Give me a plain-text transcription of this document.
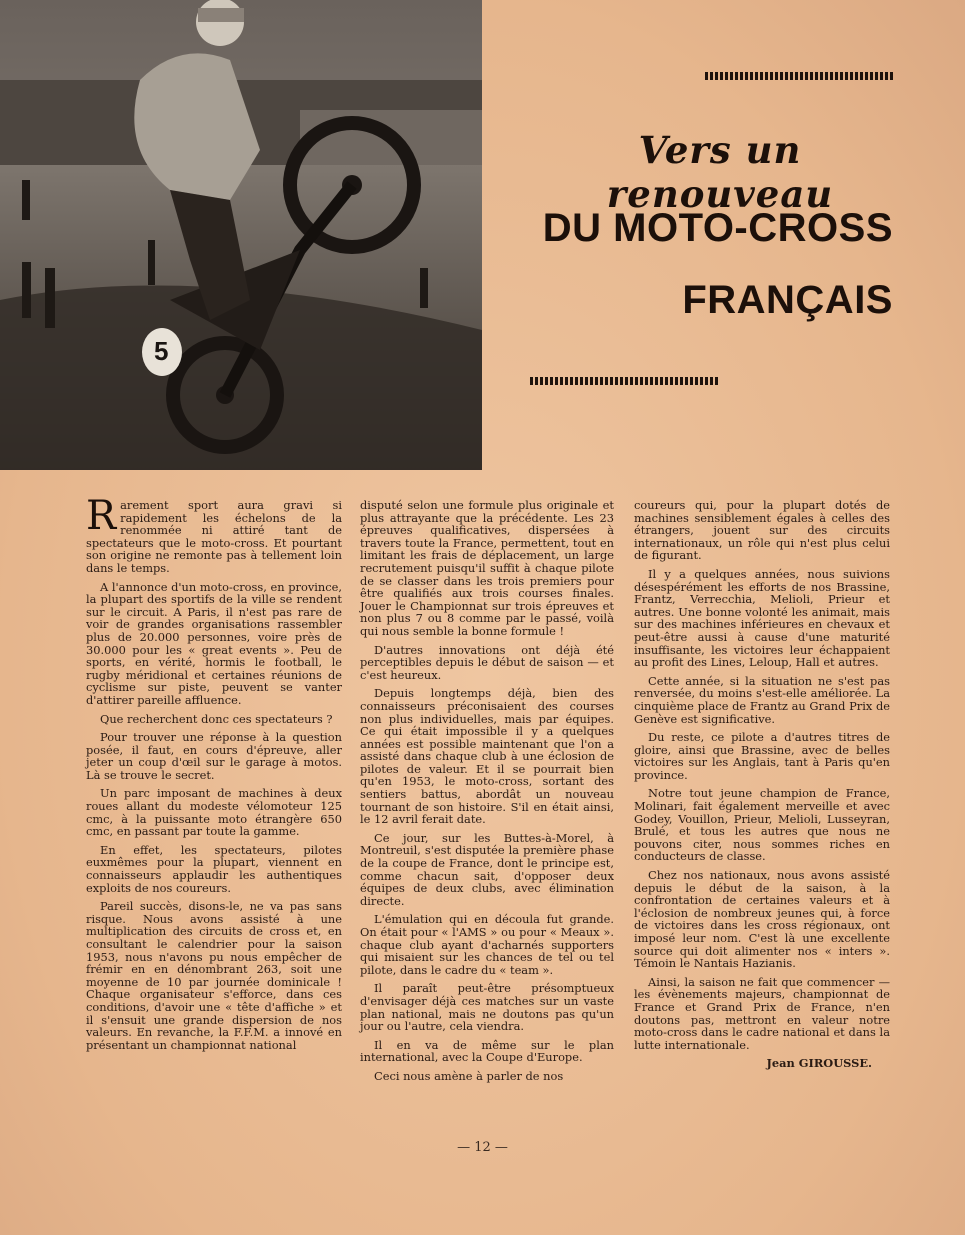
5
Vers un renouveau
DU MOTO-CROSS
FRANÇAIS

Rarement sport aura gravi si rapidement les échelons de la renommée ni attiré tant de spectateurs que le moto-cross. Et pourtant son origine ne remonte pas à tellement loin dans le temps.

A l'annonce d'un moto-cross, en province, la plupart des sportifs de la ville se rendent sur le circuit. A Paris, il n'est pas rare de voir de grandes organisations rassembler plus de 20.000 personnes, voire près de 30.000 pour les « great events ». Peu de sports, en vérité, hormis le football, le rugby méridional et certaines réunions de cyclisme sur piste, peuvent se vanter d'attirer pareille affluence.

Que recherchent donc ces spectateurs ?

Pour trouver une réponse à la question posée, il faut, en cours d'épreuve, aller jeter un coup d'œil sur le garage à motos. Là se trouve le secret.

Un parc imposant de machines à deux roues allant du modeste vélomoteur 125 cmc, à la puissante moto étrangère 650 cmc, en passant par toute la gamme.

En effet, les spectateurs, pilotes euxmêmes pour la plupart, viennent en connaisseurs applaudir les authentiques exploits de nos coureurs.

Pareil succès, disons-le, ne va pas sans risque. Nous avons assisté à une multiplication des circuits de cross et, en consultant le calendrier pour la saison 1953, nous n'avons pu nous empêcher de frémir en en dénombrant 263, soit une moyenne de 10 par journée dominicale ! Chaque organisateur s'efforce, dans ces conditions, d'avoir une « tête d'affiche » et il s'ensuit une grande dispersion de nos valeurs. En revanche, la F.F.M. a innové en présentant un championnat national

disputé selon une formule plus originale et plus attrayante que la précédente. Les 23 épreuves qualificatives, dispersées à travers toute la France, permettent, tout en limitant les frais de déplacement, un large recrutement puisqu'il suffit à chaque pilote de se classer dans les trois premiers pour être qualifiés aux trois courses finales. Jouer le Championnat sur trois épreuves et non plus 7 ou 8 comme par le passé, voilà qui nous semble la bonne formule !

D'autres innovations ont déjà été perceptibles depuis le début de saison — et c'est heureux.

Depuis longtemps déjà, bien des connaisseurs préconisaient des courses non plus individuelles, mais par équipes. Ce qui était impossible il y a quelques années est possible maintenant que l'on a assisté dans chaque club à une éclosion de pilotes de valeur. Et il se pourrait bien qu'en 1953, le moto-cross, sortant des sentiers battus, abordât un nouveau tournant de son histoire. S'il en était ainsi, le 12 avril ferait date.

Ce jour, sur les Buttes-à-Morel, à Montreuil, s'est disputée la première phase de la coupe de France, dont le principe est, comme chacun sait, d'opposer deux équipes de deux clubs, avec élimination directe.

L'émulation qui en découla fut grande. On était pour « l'AMS » ou pour « Meaux ». chaque club ayant d'acharnés supporters qui misaient sur les chances de tel ou tel pilote, dans le cadre du « team ».

Il paraît peut-être présomptueux d'envisager déjà ces matches sur un vaste plan national, mais ne doutons pas qu'un jour ou l'autre, cela viendra.

Il en va de même sur le plan international, avec la Coupe d'Europe.

Ceci nous amène à parler de nos

coureurs qui, pour la plupart dotés de machines sensiblement égales à celles des étrangers, jouent sur des circuits internationaux, un rôle qui n'est plus celui de figurant.

Il y a quelques années, nous suivions désespérément les efforts de nos Brassine, Frantz, Verrecchia, Melioli, Prieur et autres. Une bonne volonté les animait, mais sur des machines inférieures en chevaux et peut-être aussi à cause d'une maturité insuffisante, les victoires leur échappaient au profit des Lines, Leloup, Hall et autres.

Cette année, si la situation ne s'est pas renversée, du moins s'est-elle améliorée. La cinquième place de Frantz au Grand Prix de Genève est significative.

Du reste, ce pilote a d'autres titres de gloire, ainsi que Brassine, avec de belles victoires sur les Anglais, tant à Paris qu'en province.

Notre tout jeune champion de France, Molinari, fait également merveille et avec Godey, Vouillon, Prieur, Melioli, Lusseyran, Brulé, et tous les autres que nous ne pouvons citer, nous sommes riches en conducteurs de classe.

Chez nos nationaux, nous avons assisté depuis le début de la saison, à la confrontation de certaines valeurs et à l'éclosion de nombreux jeunes qui, à force de victoires dans les cross régionaux, ont imposé leur nom. C'est là une excellente source qui doit alimenter nos « inters ». Témoin le Nantais Hazianis.

Ainsi, la saison ne fait que commencer — les évènements majeurs, championnat de France et Grand Prix de France, n'en doutons pas, mettront en valeur notre moto-cross dans le cadre national et dans la lutte internationale.

Jean GIROUSSE.
— 12 —
